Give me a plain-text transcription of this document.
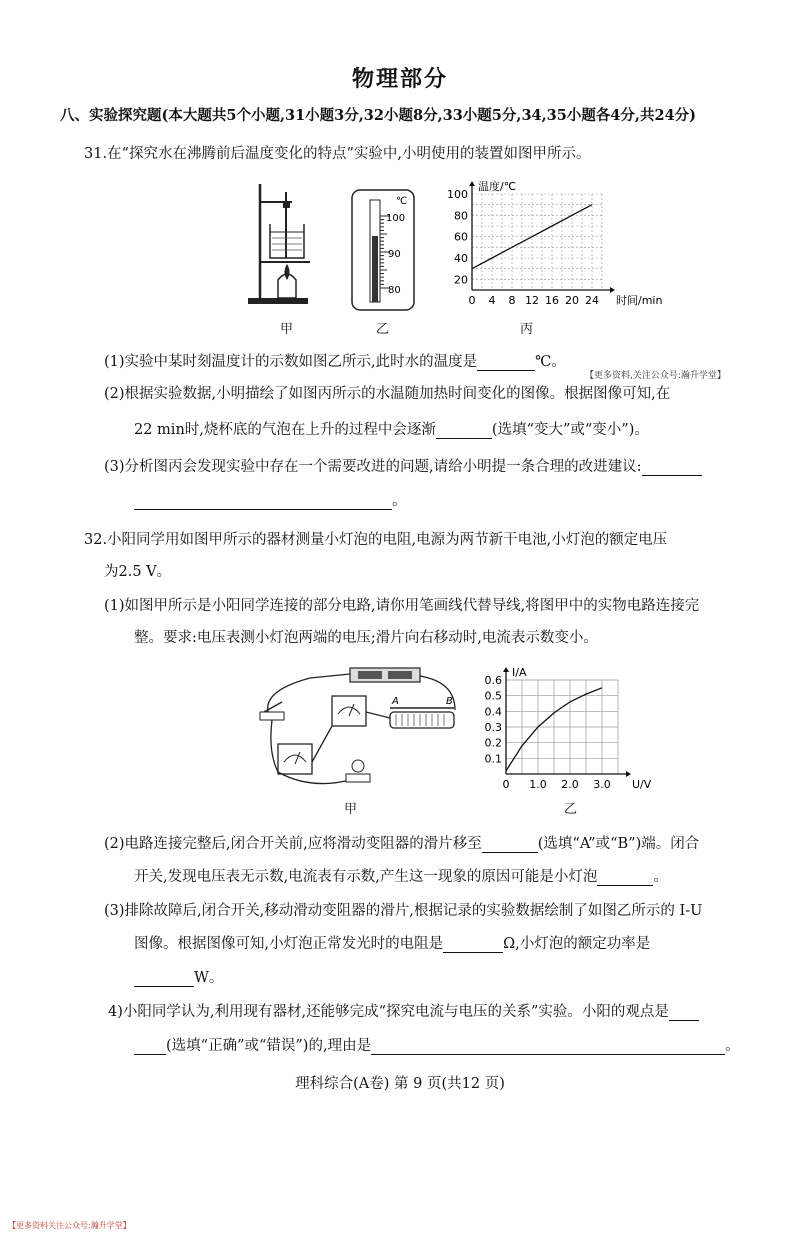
物理部分
八、实验探究题(本大题共5个小题,31小题3分,32小题8分,33小题5分,34,35小题各4分,共24分)
31.在“探究水在沸腾前后温度变化的特点”实验中,小明使用的装置如图甲所示。
℃
100
90
80
0 4 8 12 16 20 24
20
40
60
80
100
温度/℃
时间/min
甲	乙	丙
(1)实验中某时刻温度计的示数如图乙所示,此时水的温度是	℃。
【更多资料,关注公众号:瀚升学堂】
(2)根据实验数据,小明描绘了如图丙所示的水温随加热时间变化的图像。根据图像可知,在
22 min时,烧杯底的气泡在上升的过程中会逐渐	(选填“变大”或“变小”)。
(3)分析图丙会发现实验中存在一个需要改进的问题,请给小明提一条合理的改进建议:
。
32.小阳同学用如图甲所示的器材测量小灯泡的电阻,电源为两节新干电池,小灯泡的额定电压
为2.5 V。
(1)如图甲所示是小阳同学连接的部分电路,请你用笔画线代替导线,将图甲中的实物电路连接完
整。要求:电压表测小灯泡两端的电压;滑片向右移动时,电流表示数变小。
A	B
0 1.0 2.0 3.0
0.1
0.2
0.3
0.4
0.5
0.6
I/A
U/V
甲	乙
(2)电路连接完整后,闭合开关前,应将滑动变阻器的滑片移至	(选填“A”或“B”)端。闭合
开关,发现电压表无示数,电流表有示数,产生这一现象的原因可能是小灯泡	。
(3)排除故障后,闭合开关,移动滑动变阻器的滑片,根据记录的实验数据绘制了如图乙所示的 I-U
图像。根据图像可知,小灯泡正常发光时的电阻是	Ω,小灯泡的额定功率是
W。
4)小阳同学认为,利用现有器材,还能够完成“探究电流与电压的关系”实验。小阳的观点是
(选填“正确”或“错误”)的,理由是	。
理科综合(A卷) 第 9 页(共12 页)
【更多资料关注公众号:瀚升学堂】
